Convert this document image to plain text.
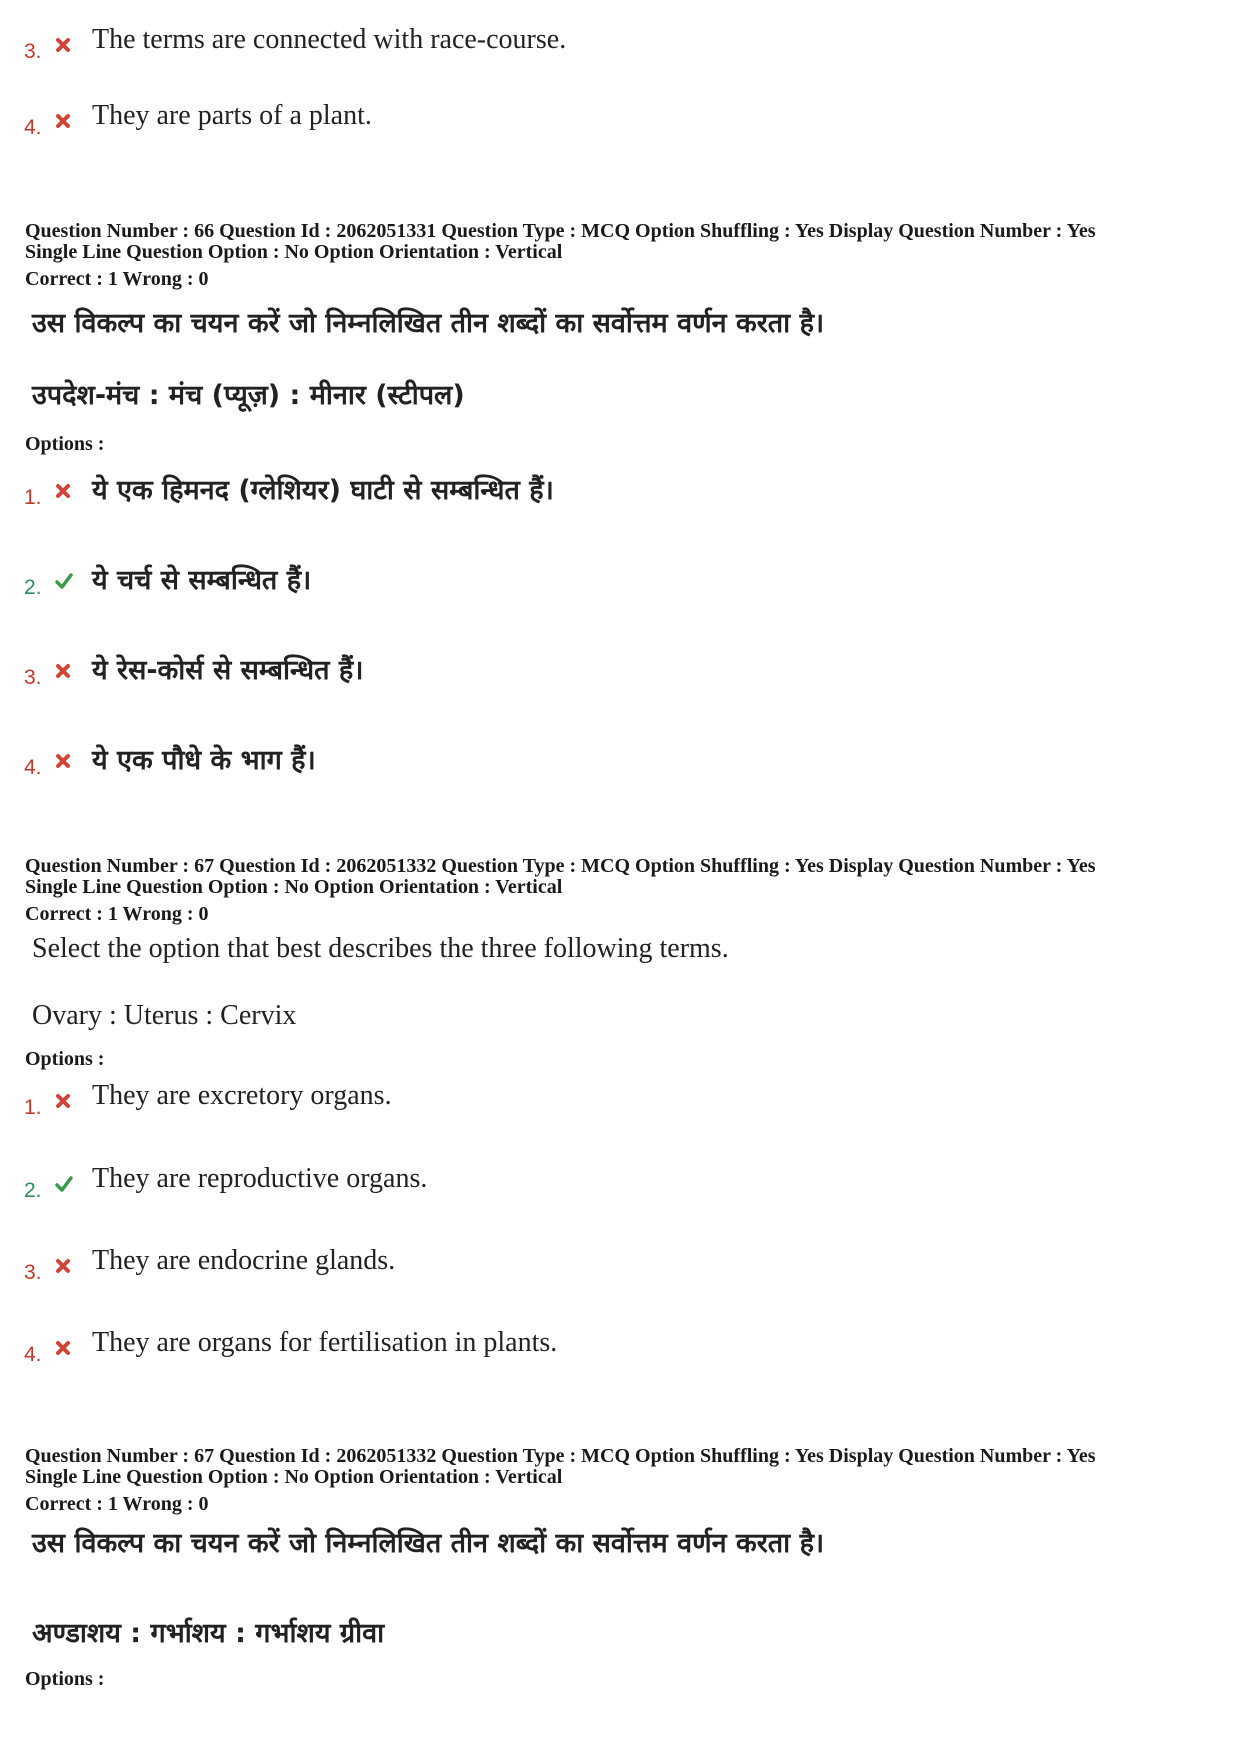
3. The terms are connected with race-course.
4. They are parts of a plant.
Question Number : 66 Question Id : 2062051331 Question Type : MCQ Option Shuffling : Yes Display Question Number : Yes
Single Line Question Option : No Option Orientation : Vertical
Correct : 1 Wrong : 0
उस विकल्प का चयन करें जो निम्नलिखित तीन शब्दों का सर्वोत्तम वर्णन करता है।
उपदेश-मंच : मंच (प्यूज़) : मीनार (स्टीपल)
Options :
1. ये एक हिमनद (ग्लेशियर) घाटी से सम्बन्धित हैं।
2. ये चर्च से सम्बन्धित हैं।
3. ये रेस-कोर्स से सम्बन्धित हैं।
4. ये एक पौधे के भाग हैं।
Question Number : 67 Question Id : 2062051332 Question Type : MCQ Option Shuffling : Yes Display Question Number : Yes
Single Line Question Option : No Option Orientation : Vertical
Correct : 1 Wrong : 0
Select the option that best describes the three following terms.
Ovary : Uterus : Cervix
Options :
1. They are excretory organs.
2. They are reproductive organs.
3. They are endocrine glands.
4. They are organs for fertilisation in plants.
Question Number : 67 Question Id : 2062051332 Question Type : MCQ Option Shuffling : Yes Display Question Number : Yes
Single Line Question Option : No Option Orientation : Vertical
Correct : 1 Wrong : 0
उस विकल्प का चयन करें जो निम्नलिखित तीन शब्दों का सर्वोत्तम वर्णन करता है।
अण्डाशय : गर्भाशय : गर्भाशय ग्रीवा
Options :
